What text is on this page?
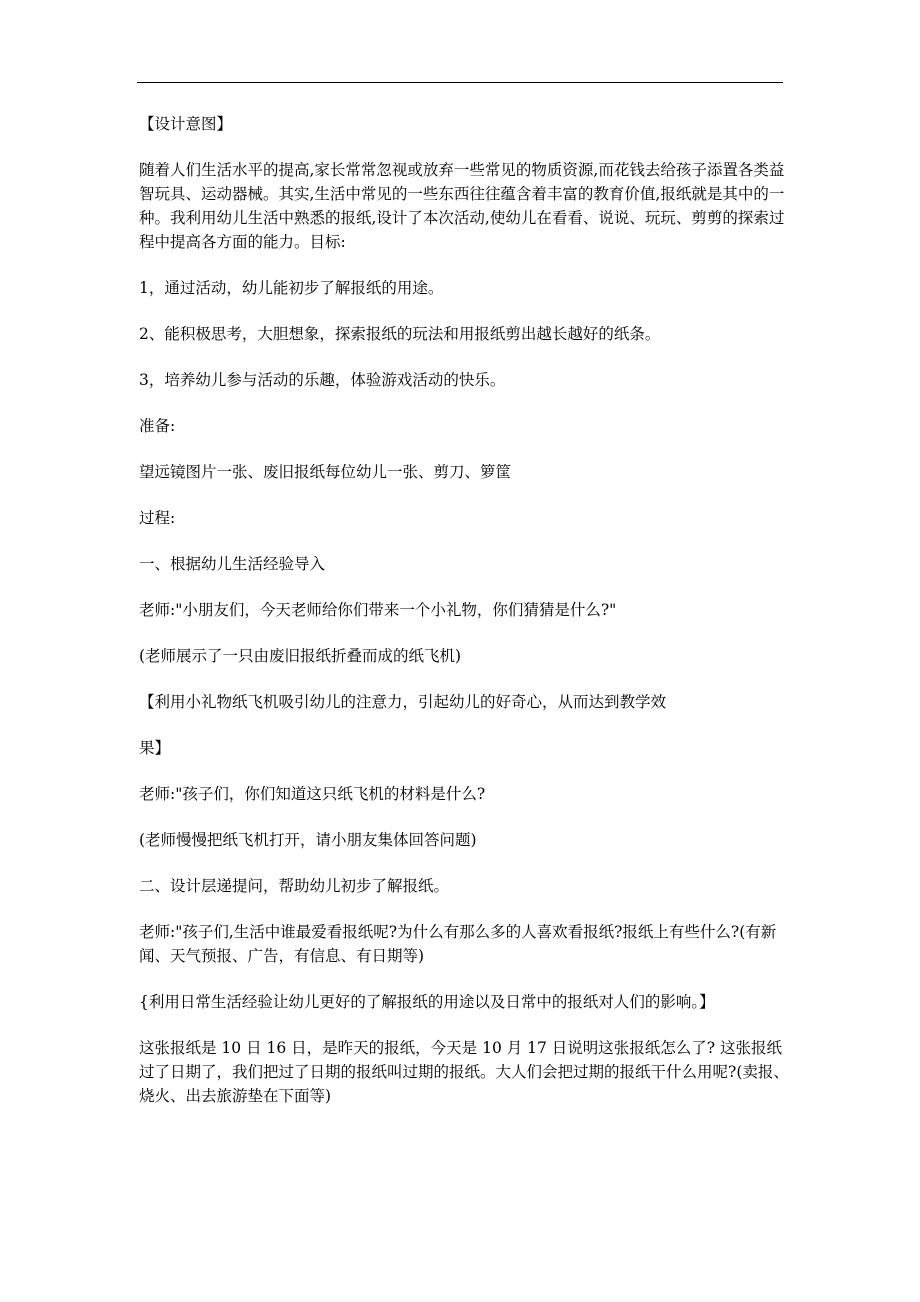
【设计意图】

随着人们生活水平的提高,家长常常忽视或放弃一些常见的物质资源,而花钱去给孩子添置各类益智玩具、运动器械。其实,生活中常见的一些东西往往蕴含着丰富的教育价值,报纸就是其中的一种。我利用幼儿生活中熟悉的报纸,设计了本次活动,使幼儿在看看、说说、玩玩、剪剪的探索过程中提高各方面的能力。目标:

1，通过活动，幼儿能初步了解报纸的用途。

2、能积极思考，大胆想象，探索报纸的玩法和用报纸剪出越长越好的纸条。

3，培养幼儿参与活动的乐趣，体验游戏活动的快乐。

准备:

望远镜图片一张、废旧报纸每位幼儿一张、剪刀、箩筐

过程:

一、根据幼儿生活经验导入

老师:"小朋友们，今天老师给你们带来一个小礼物，你们猜猜是什么?"

(老师展示了一只由废旧报纸折叠而成的纸飞机)

【利用小礼物纸飞机吸引幼儿的注意力，引起幼儿的好奇心，从而达到教学效

果】

老师:"孩子们，你们知道这只纸飞机的材料是什么?

(老师慢慢把纸飞机打开，请小朋友集体回答问题)

二、设计层递提问，帮助幼儿初步了解报纸。

老师:"孩子们,生活中谁最爱看报纸呢?为什么有那么多的人喜欢看报纸?报纸上有些什么?(有新闻、天气预报、广告，有信息、有日期等)

{利用日常生活经验让幼儿更好的了解报纸的用途以及日常中的报纸对人们的影响。】

这张报纸是 10 日 16 日，是昨天的报纸，今天是 10 月 17 日说明这张报纸怎么了? 这张报纸过了日期了，我们把过了日期的报纸叫过期的报纸。大人们会把过期的报纸干什么用呢?(卖报、烧火、出去旅游垫在下面等)
